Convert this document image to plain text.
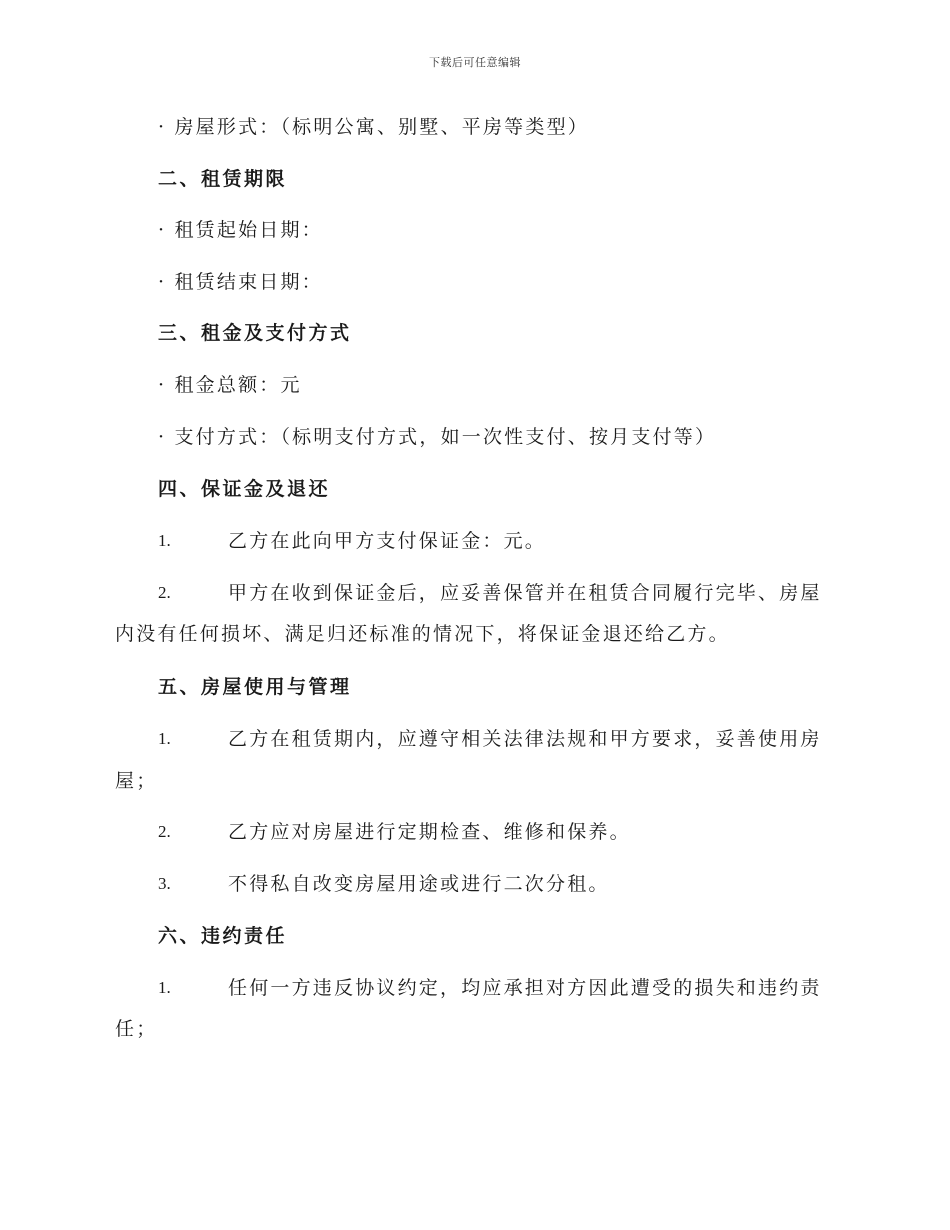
下载后可任意编辑
· 房屋形式：（标明公寓、别墅、平房等类型）
二、租赁期限
· 租赁起始日期：
· 租赁结束日期：
三、租金及支付方式
· 租金总额：元
· 支付方式：（标明支付方式，如一次性支付、按月支付等）
四、保证金及退还
1.	乙方在此向甲方支付保证金：元。
2.	甲方在收到保证金后，应妥善保管并在租赁合同履行完毕、房屋
内没有任何损坏、满足归还标准的情况下，将保证金退还给乙方。
五、房屋使用与管理
1.	乙方在租赁期内，应遵守相关法律法规和甲方要求，妥善使用房
屋；
2.	乙方应对房屋进行定期检查、维修和保养。
3.	不得私自改变房屋用途或进行二次分租。
六、违约责任
1.	任何一方违反协议约定，均应承担对方因此遭受的损失和违约责
任；
